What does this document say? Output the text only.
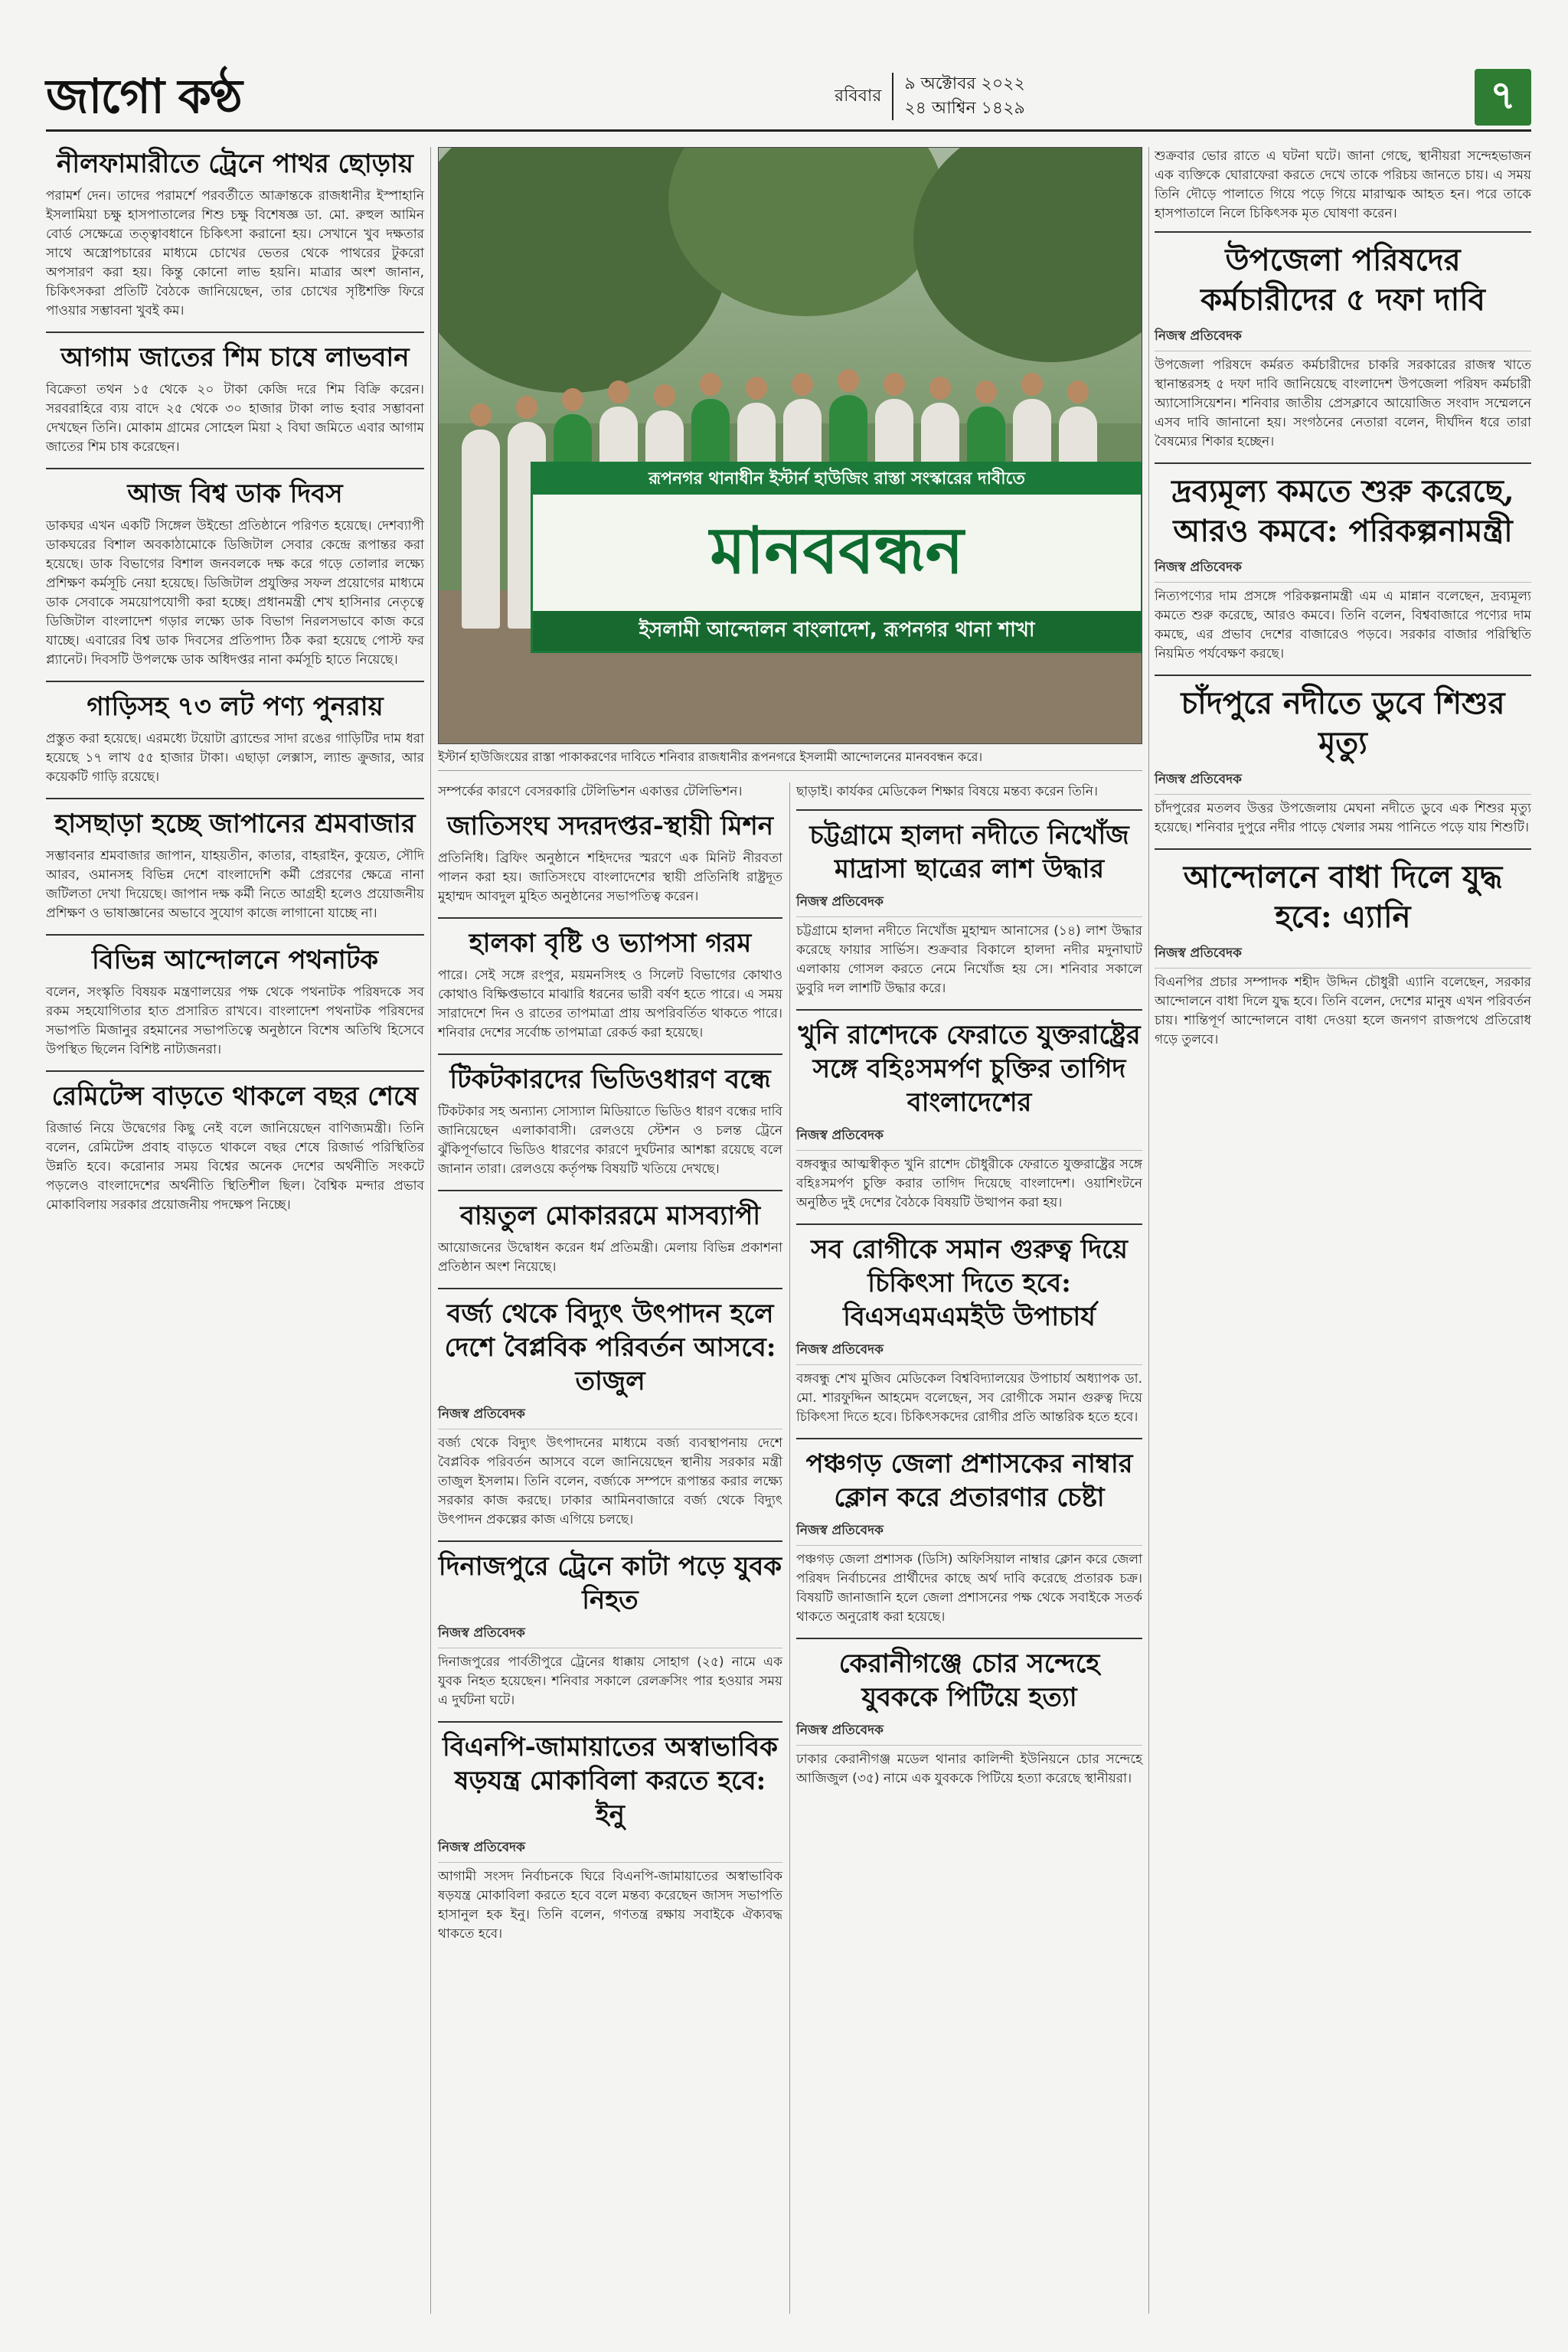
জাগো কণ্ঠ	রবিবার
৯ অক্টোবর ২০২২
২৪ আশ্বিন ১৪২৯	৭
নীলফামারীতে ট্রেনে পাথর ছোড়ায়
পরামর্শ দেন। তাদের পরামর্শে পরবর্তীতে আক্রান্তকে রাজধানীর ইস্পাহানি ইসলামিয়া চক্ষু হাসপাতালের শিশু চক্ষু বিশেষজ্ঞ ডা. মো. রুহুল আমিন বোর্ড সেক্ষেত্রে তত্ত্বাবধানে চিকিৎসা করানো হয়। সেখানে খুব দক্ষতার সাথে অস্ত্রোপচারের মাধ্যমে চোখের ভেতর থেকে পাথরের টুকরো অপসারণ করা হয়। কিন্তু কোনো লাভ হয়নি। মাত্রার অংশ জানান, চিকিৎসকরা প্রতিটি বৈঠকে জানিয়েছেন, তার চোখের সৃষ্টিশক্তি ফিরে পাওয়ার সম্ভাবনা খুবই কম।
আগাম জাতের শিম চাষে লাভবান
বিক্রেতা তথন ১৫ থেকে ২০ টাকা কেজি দরে শিম বিক্রি করেন। সরবরাহিরে ব্যয় বাদে ২৫ থেকে ৩০ হাজার টাকা লাভ হবার সম্ভাবনা দেখছেন তিনি। মোকাম গ্রামের সোহেল মিয়া ২ বিঘা জমিতে এবার আগাম জাতের শিম চাষ করেছেন।
আজ বিশ্ব ডাক দিবস
ডাকঘর এখন একটি সিঙ্গেল উইন্ডো প্রতিষ্ঠানে পরিণত হয়েছে। দেশব্যাপী ডাকঘরের বিশাল অবকাঠামোকে ডিজিটাল সেবার কেন্দ্রে রূপান্তর করা হয়েছে। ডাক বিভাগের বিশাল জনবলকে দক্ষ করে গড়ে তোলার লক্ষ্যে প্রশিক্ষণ কর্মসূচি নেয়া হয়েছে। ডিজিটাল প্রযুক্তির সফল প্রয়োগের মাধ্যমে ডাক সেবাকে সময়োপযোগী করা হচ্ছে। প্রধানমন্ত্রী শেখ হাসিনার নেতৃত্বে ডিজিটাল বাংলাদেশ গড়ার লক্ষ্যে ডাক বিভাগ নিরলসভাবে কাজ করে যাচ্ছে। এবারের বিশ্ব ডাক দিবসের প্রতিপাদ্য ঠিক করা হয়েছে পোস্ট ফর প্ল্যানেট। দিবসটি উপলক্ষে ডাক অধিদপ্তর নানা কর্মসূচি হাতে নিয়েছে।
গাড়িসহ ৭৩ লট পণ্য পুনরায়
প্রস্তুত করা হয়েছে। এরমধ্যে টয়োটা ব্র্যান্ডের সাদা রঙের গাড়িটির দাম ধরা হয়েছে ১৭ লাখ ৫৫ হাজার টাকা। এছাড়া লেক্সাস, ল্যান্ড ক্রুজার, আর কয়েকটি গাড়ি রয়েছে।
হাসছাড়া হচ্ছে জাপানের শ্রমবাজার
সম্ভাবনার শ্রমবাজার জাপান, যাহয়তীন, কাতার, বাহরাইন, কুয়েত, সৌদি আরব, ওমানসহ বিভিন্ন দেশে বাংলাদেশি কর্মী প্রেরণের ক্ষেত্রে নানা জটিলতা দেখা দিয়েছে। জাপান দক্ষ কর্মী নিতে আগ্রহী হলেও প্রয়োজনীয় প্রশিক্ষণ ও ভাষাজ্ঞানের অভাবে সুযোগ কাজে লাগানো যাচ্ছে না।
বিভিন্ন আন্দোলনে পথনাটক
বলেন, সংস্কৃতি বিষয়ক মন্ত্রণালয়ের পক্ষ থেকে পথনাটক পরিষদকে সব রকম সহযোগিতার হাত প্রসারিত রাখবে। বাংলাদেশ পথনাটক পরিষদের সভাপতি মিজানুর রহমানের সভাপতিত্বে অনুষ্ঠানে বিশেষ অতিথি হিসেবে উপস্থিত ছিলেন বিশিষ্ট নাট্যজনরা।
রেমিটেন্স বাড়তে থাকলে বছর শেষে
রিজার্ভ নিয়ে উদ্বেগের কিছু নেই বলে জানিয়েছেন বাণিজ্যমন্ত্রী। তিনি বলেন, রেমিটেন্স প্রবাহ বাড়তে থাকলে বছর শেষে রিজার্ভ পরিস্থিতির উন্নতি হবে। করোনার সময় বিশ্বের অনেক দেশের অর্থনীতি সংকটে পড়লেও বাংলাদেশের অর্থনীতি স্থিতিশীল ছিল। বৈশ্বিক মন্দার প্রভাব মোকাবিলায় সরকার প্রয়োজনীয় পদক্ষেপ নিচ্ছে।
রূপনগর থানাধীন ইস্টার্ন হাউজিং রাস্তা সংস্কারের দাবীতে
মানববন্ধন
ইসলামী আন্দোলন বাংলাদেশ, রূপনগর থানা শাখা
ইস্টার্ন হাউজিংয়ের রাস্তা পাকাকরণের দাবিতে শনিবার রাজধানীর রূপনগরে ইসলামী আন্দোলনের মানববন্ধন করে।
সম্পর্কের কারণে বেসরকারি টেলিভিশন একাত্তর টেলিভিশন।
জাতিসংঘ সদরদপ্তর-স্থায়ী মিশন
প্রতিনিধি। ব্রিফিং অনুষ্ঠানে শহিদদের স্মরণে এক মিনিট নীরবতা পালন করা হয়। জাতিসংঘে বাংলাদেশের স্থায়ী প্রতিনিধি রাষ্ট্রদূত মুহাম্মদ আবদুল মুহিত অনুষ্ঠানের সভাপতিত্ব করেন।
হালকা বৃষ্টি ও ভ্যাপসা গরম
পারে। সেই সঙ্গে রংপুর, ময়মনসিংহ ও সিলেট বিভাগের কোথাও কোথাও বিক্ষিপ্তভাবে মাঝারি ধরনের ভারী বর্ষণ হতে পারে। এ সময় সারাদেশে দিন ও রাতের তাপমাত্রা প্রায় অপরিবর্তিত থাকতে পারে। শনিবার দেশের সর্বোচ্চ তাপমাত্রা রেকর্ড করা হয়েছে।
টিকটকারদের ভিডিওধারণ বন্ধে
টিকটকার সহ অন্যান্য সোস্যাল মিডিয়াতে ভিডিও ধারণ বন্ধের দাবি জানিয়েছেন এলাকাবাসী। রেলওয়ে স্টেশন ও চলন্ত ট্রেনে ঝুঁকিপূর্ণভাবে ভিডিও ধারণের কারণে দুর্ঘটনার আশঙ্কা রয়েছে বলে জানান তারা। রেলওয়ে কর্তৃপক্ষ বিষয়টি খতিয়ে দেখছে।
বায়তুল মোকাররমে মাসব্যাপী
আয়োজনের উদ্বোধন করেন ধর্ম প্রতিমন্ত্রী। মেলায় বিভিন্ন প্রকাশনা প্রতিষ্ঠান অংশ নিয়েছে।
বর্জ্য থেকে বিদ্যুৎ উৎপাদন হলে দেশে বৈপ্লবিক পরিবর্তন আসবে: তাজুল
নিজস্ব প্রতিবেদক
বর্জ্য থেকে বিদ্যুৎ উৎপাদনের মাধ্যমে বর্জ্য ব্যবস্থাপনায় দেশে বৈপ্লবিক পরিবর্তন আসবে বলে জানিয়েছেন স্থানীয় সরকার মন্ত্রী তাজুল ইসলাম। তিনি বলেন, বর্জ্যকে সম্পদে রূপান্তর করার লক্ষ্যে সরকার কাজ করছে। ঢাকার আমিনবাজারে বর্জ্য থেকে বিদ্যুৎ উৎপাদন প্রকল্পের কাজ এগিয়ে চলছে।
দিনাজপুরে ট্রেনে কাটা পড়ে যুবক নিহত
নিজস্ব প্রতিবেদক
দিনাজপুরের পার্বতীপুরে ট্রেনের ধাক্কায় সোহাগ (২৫) নামে এক যুবক নিহত হয়েছেন। শনিবার সকালে রেলক্রসিং পার হওয়ার সময় এ দুর্ঘটনা ঘটে।
বিএনপি-জামায়াতের অস্বাভাবিক ষড়যন্ত্র মোকাবিলা করতে হবে: ইনু
নিজস্ব প্রতিবেদক
আগামী সংসদ নির্বাচনকে ঘিরে বিএনপি-জামায়াতের অস্বাভাবিক ষড়যন্ত্র মোকাবিলা করতে হবে বলে মন্তব্য করেছেন জাসদ সভাপতি হাসানুল হক ইনু। তিনি বলেন, গণতন্ত্র রক্ষায় সবাইকে ঐক্যবদ্ধ থাকতে হবে।
ছাড়াই। কার্যকর মেডিকেল শিক্ষার বিষয়ে মন্তব্য করেন তিনি।
চট্টগ্রামে হালদা নদীতে নিখোঁজ মাদ্রাসা ছাত্রের লাশ উদ্ধার
নিজস্ব প্রতিবেদক
চট্টগ্রামে হালদা নদীতে নিখোঁজ মুহাম্মদ আনাসের (১৪) লাশ উদ্ধার করেছে ফায়ার সার্ভিস। শুক্রবার বিকালে হালদা নদীর মদুনাঘাট এলাকায় গোসল করতে নেমে নিখোঁজ হয় সে। শনিবার সকালে ডুবুরি দল লাশটি উদ্ধার করে।
খুনি রাশেদকে ফেরাতে যুক্তরাষ্ট্রের সঙ্গে বহিঃসমর্পণ চুক্তির তাগিদ বাংলাদেশের
নিজস্ব প্রতিবেদক
বঙ্গবন্ধুর আত্মস্বীকৃত খুনি রাশেদ চৌধুরীকে ফেরাতে যুক্তরাষ্ট্রের সঙ্গে বহিঃসমর্পণ চুক্তি করার তাগিদ দিয়েছে বাংলাদেশ। ওয়াশিংটনে অনুষ্ঠিত দুই দেশের বৈঠকে বিষয়টি উত্থাপন করা হয়।
সব রোগীকে সমান গুরুত্ব দিয়ে চিকিৎসা দিতে হবে: বিএসএমএমইউ উপাচার্য
নিজস্ব প্রতিবেদক
বঙ্গবন্ধু শেখ মুজিব মেডিকেল বিশ্ববিদ্যালয়ের উপাচার্য অধ্যাপক ডা. মো. শারফুদ্দিন আহমেদ বলেছেন, সব রোগীকে সমান গুরুত্ব দিয়ে চিকিৎসা দিতে হবে। চিকিৎসকদের রোগীর প্রতি আন্তরিক হতে হবে।
পঞ্চগড় জেলা প্রশাসকের নাম্বার ক্লোন করে প্রতারণার চেষ্টা
নিজস্ব প্রতিবেদক
পঞ্চগড় জেলা প্রশাসক (ডিসি) অফিসিয়াল নাম্বার ক্লোন করে জেলা পরিষদ নির্বাচনের প্রার্থীদের কাছে অর্থ দাবি করেছে প্রতারক চক্র। বিষয়টি জানাজানি হলে জেলা প্রশাসনের পক্ষ থেকে সবাইকে সতর্ক থাকতে অনুরোধ করা হয়েছে।
কেরানীগঞ্জে চোর সন্দেহে যুবককে পিটিয়ে হত্যা
নিজস্ব প্রতিবেদক
ঢাকার কেরানীগঞ্জ মডেল থানার কালিন্দী ইউনিয়নে চোর সন্দেহে আজিজুল (৩৫) নামে এক যুবককে পিটিয়ে হত্যা করেছে স্থানীয়রা।
শুক্রবার ভোর রাতে এ ঘটনা ঘটে। জানা গেছে, স্থানীয়রা সন্দেহভাজন এক ব্যক্তিকে ঘোরাফেরা করতে দেখে তাকে পরিচয় জানতে চায়। এ সময় তিনি দৌড়ে পালাতে গিয়ে পড়ে গিয়ে মারাত্মক আহত হন। পরে তাকে হাসপাতালে নিলে চিকিৎসক মৃত ঘোষণা করেন।
উপজেলা পরিষদের কর্মচারীদের ৫ দফা দাবি
নিজস্ব প্রতিবেদক
উপজেলা পরিষদে কর্মরত কর্মচারীদের চাকরি সরকারের রাজস্ব খাতে স্থানান্তরসহ ৫ দফা দাবি জানিয়েছে বাংলাদেশ উপজেলা পরিষদ কর্মচারী অ্যাসোসিয়েশন। শনিবার জাতীয় প্রেসক্লাবে আয়োজিত সংবাদ সম্মেলনে এসব দাবি জানানো হয়। সংগঠনের নেতারা বলেন, দীর্ঘদিন ধরে তারা বৈষম্যের শিকার হচ্ছেন।
দ্রব্যমূল্য কমতে শুরু করেছে, আরও কমবে: পরিকল্পনামন্ত্রী
নিজস্ব প্রতিবেদক
নিত্যপণ্যের দাম প্রসঙ্গে পরিকল্পনামন্ত্রী এম এ মান্নান বলেছেন, দ্রব্যমূল্য কমতে শুরু করেছে, আরও কমবে। তিনি বলেন, বিশ্ববাজারে পণ্যের দাম কমছে, এর প্রভাব দেশের বাজারেও পড়বে। সরকার বাজার পরিস্থিতি নিয়মিত পর্যবেক্ষণ করছে।
চাঁদপুরে নদীতে ডুবে শিশুর মৃত্যু
নিজস্ব প্রতিবেদক
চাঁদপুরের মতলব উত্তর উপজেলায় মেঘনা নদীতে ডুবে এক শিশুর মৃত্যু হয়েছে। শনিবার দুপুরে নদীর পাড়ে খেলার সময় পানিতে পড়ে যায় শিশুটি।
আন্দোলনে বাধা দিলে যুদ্ধ হবে: এ্যানি
নিজস্ব প্রতিবেদক
বিএনপির প্রচার সম্পাদক শহীদ উদ্দিন চৌধুরী এ্যানি বলেছেন, সরকার আন্দোলনে বাধা দিলে যুদ্ধ হবে। তিনি বলেন, দেশের মানুষ এখন পরিবর্তন চায়। শান্তিপূর্ণ আন্দোলনে বাধা দেওয়া হলে জনগণ রাজপথে প্রতিরোধ গড়ে তুলবে।
